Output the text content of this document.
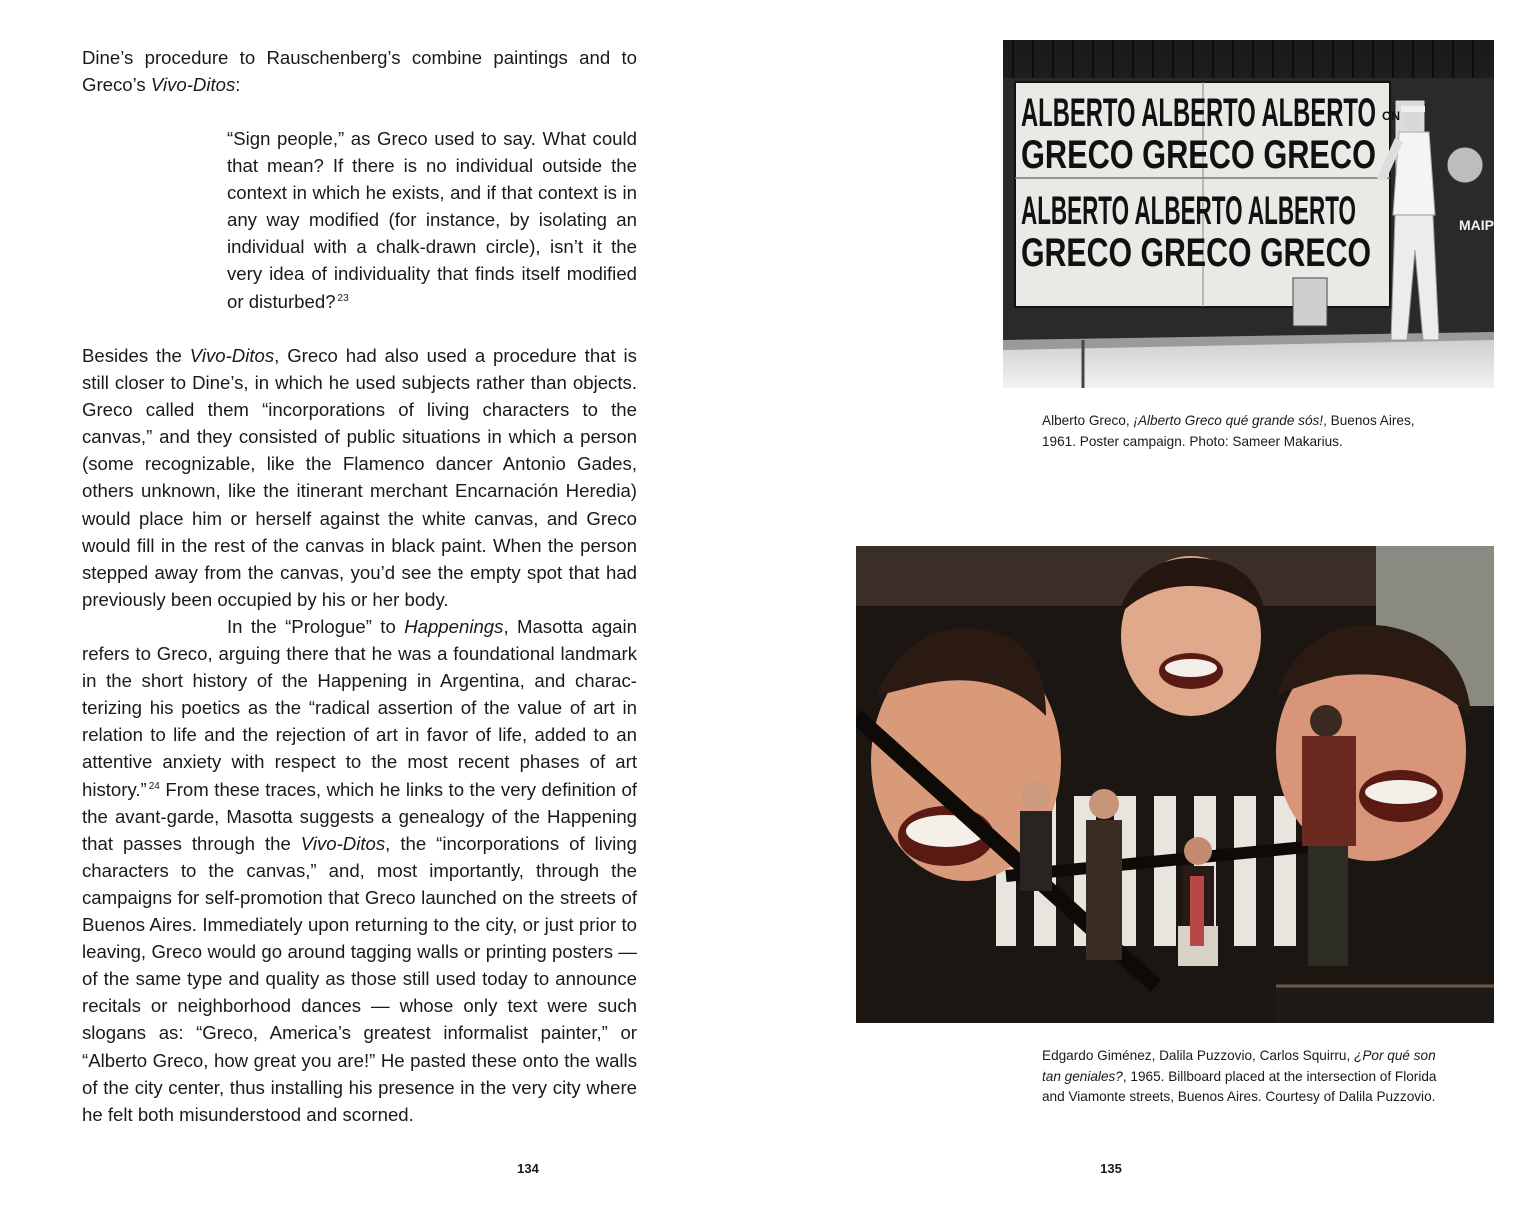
Dine’s procedure to Rauschenberg’s combine paintings and to Greco’s Vivo-Ditos:

“Sign people,” as Greco used to say. What could that mean? If there is no individual outside the context in which he exists, and if that context is in any way modified (for instance, by isolating an individual with a chalk-drawn circle), isn’t it the very idea of individuality that finds itself modified or disturbed? $^{23}$

Besides the Vivo-Ditos, Greco had also used a procedure that is still closer to Dine’s, in which he used subjects rather than objects. Greco called them “incorporations of living characters to the canvas,” and they consisted of public situations in which a person (some recognizable, like the Flamenco dancer Antonio Gades, others unknown, like the itinerant merchant Encarnación Heredia) would place him or herself against the white canvas, and Greco would fill in the rest of the canvas in black paint. When the person stepped away from the canvas, you’d see the empty spot that had previously been occupied by his or her body.

In the “Prologue” to Happenings, Masotta again refers to Greco, arguing there that he was a foundational landmark in the short history of the Happening in Argentina, and characterizing his poetics as the “radical assertion of the value of art in relation to life and the rejection of art in favor of life, added to an attentive anxiety with respect to the most recent phases of art history.” $^{24}$ From these traces, which he links to the very definition of the avant-garde, Masotta suggests a genealogy of the Happening that passes through the Vivo-Ditos, the “incorporations of living characters to the canvas,” and, most importantly, through the campaigns for self-promotion that Greco launched on the streets of Buenos Aires. Immediately upon returning to the city, or just prior to leaving, Greco would go around tagging walls or printing posters — of the same type and quality as those still used today to announce recitals or neighborhood dances — whose only text were such slogans as: “Greco, America’s greatest informalist painter,” or “Alberto Greco, how great you are!” He pasted these onto the walls of the city center, thus installing his presence in the very city where he felt both misunderstood and scorned.

134
ALBERTO ALBERTO ALBERTO
GRECO GRECO GRECO
ALBERTO ALBERTO ALBERTO
GRECO GRECO GRECO
ON
MAIP

Alberto Greco, ¡Alberto Greco qué grande sós!, Buenos Aires, 1961. Poster campaign. Photo: Sameer Makarius.

Edgardo Giménez, Dalila Puzzovio, Carlos Squirru, ¿Por qué son tan geniales?, 1965. Billboard placed at the intersection of Florida and Viamonte streets, Buenos Aires. Courtesy of Dalila Puzzovio.

135
